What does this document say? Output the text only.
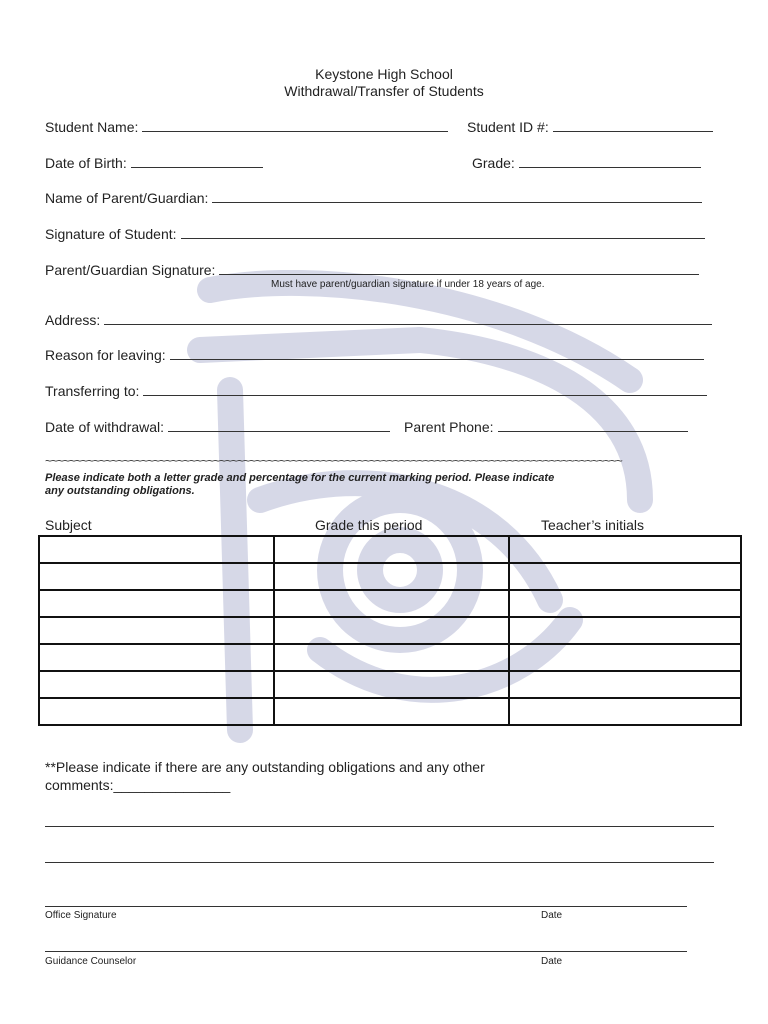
Keystone High School
Withdrawal/Transfer of Students
Student Name:	Student ID #:
Date of Birth:	Grade:
Name of Parent/Guardian:
Signature of Student:
Parent/Guardian Signature:
Must have parent/guardian signature if under 18 years of age.
Address:
Reason for leaving:
Transferring to:
Date of withdrawal:	Parent Phone:
~~~~~~~~~~~~~~~~~~~~~~~~~~~~~~~~~~~~~~~~~~~~~~~~~~~~~~~~~~~~~~~~~~~~~~~~~~~~~~~~~~~~~~~~~~~~~~~~
Please indicate both a letter grade and percentage for the current marking period. Please indicate
any outstanding obligations.
Subject	Grade this period	Teacher’s initials

**Please indicate if there are any outstanding obligations and any other
comments:_______________
Office Signature	Date
Guidance Counselor	Date
